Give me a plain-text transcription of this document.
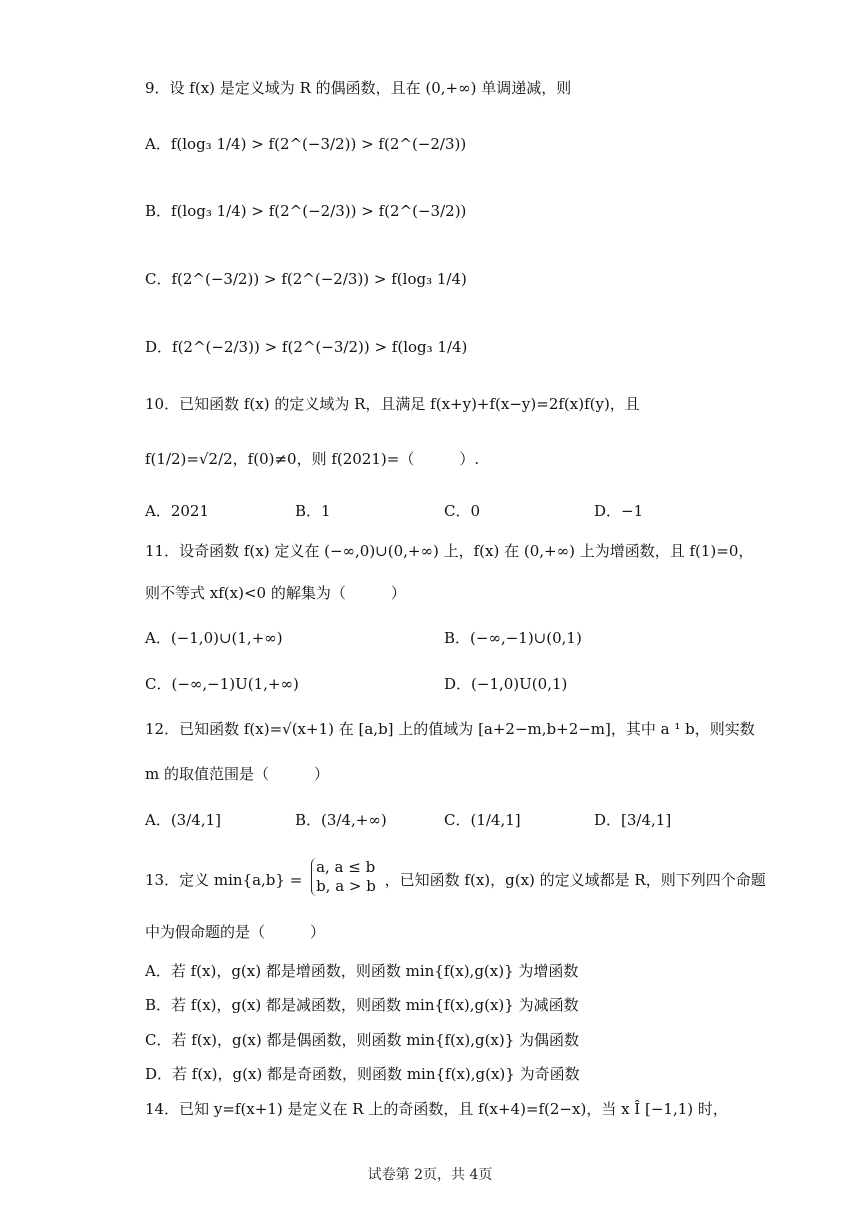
9．设 f(x) 是定义域为 R 的偶函数，且在 (0,+∞) 单调递减，则
A．f(log₃ 1/4) > f(2^(−3/2)) > f(2^(−2/3))
B．f(log₃ 1/4) > f(2^(−2/3)) > f(2^(−3/2))
C．f(2^(−3/2)) > f(2^(−2/3)) > f(log₃ 1/4)
D．f(2^(−2/3)) > f(2^(−3/2)) > f(log₃ 1/4)
10．已知函数 f(x) 的定义域为 R，且满足 f(x+y)+f(x−y)=2f(x)f(y)，且
f(1/2)=√2/2，f(0)≠0，则 f(2021)=（　　　）.
A．2021	B．1	C．0	D．−1
11．设奇函数 f(x) 定义在 (−∞,0)∪(0,+∞) 上，f(x) 在 (0,+∞) 上为增函数，且 f(1)=0，
则不等式 xf(x)<0 的解集为（　　　）
A．(−1,0)∪(1,+∞)	B．(−∞,−1)∪(0,1)
C．(−∞,−1)U(1,+∞)	D．(−1,0)U(0,1)
12．已知函数 f(x)=√(x+1) 在 [a,b] 上的值域为 [a+2−m,b+2−m]，其中 a ¹ b，则实数
m 的取值范围是（　　　）
A．(3/4,1]	B．(3/4,+∞)	C．(1/4,1]	D．[3/4,1]
13．定义 min{a,b} =
a, a ≤ b
b, a > b ，已知函数 f(x)，g(x) 的定义域都是 R，则下列四个命题
中为假命题的是（　　　）
A．若 f(x)，g(x) 都是增函数，则函数 min{f(x),g(x)} 为增函数
B．若 f(x)，g(x) 都是减函数，则函数 min{f(x),g(x)} 为减函数
C．若 f(x)，g(x) 都是偶函数，则函数 min{f(x),g(x)} 为偶函数
D．若 f(x)，g(x) 都是奇函数，则函数 min{f(x),g(x)} 为奇函数
14．已知 y=f(x+1) 是定义在 R 上的奇函数，且 f(x+4)=f(2−x)，当 x Î [−1,1) 时，
试卷第 2页，共 4页
